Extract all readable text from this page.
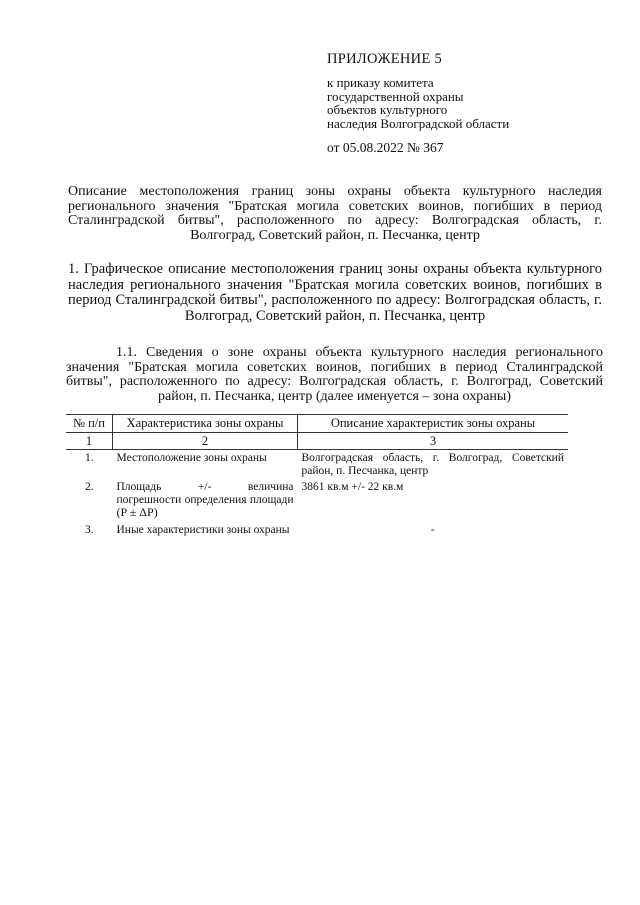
ПРИЛОЖЕНИЕ 5
к приказу комитета
государственной охраны
объектов культурного
наследия Волгоградской области
от 05.08.2022 № 367
Описание местоположения границ зоны охраны объекта культурного наследия регионального значения "Братская могила советских воинов, погибших в период Сталинградской битвы", расположенного по адресу: Волгоградская область, г. Волгоград, Советский район, п. Песчанка, центр
1. Графическое описание местоположения границ зоны охраны объекта культурного наследия регионального значения "Братская могила советских воинов, погибших в период Сталинградской битвы", расположенного по адресу: Волгоградская область, г. Волгоград, Советский район, п. Песчанка, центр
1.1. Сведения о зоне охраны объекта культурного наследия регионального значения "Братская могила советских воинов, погибших в период Сталинградской битвы", расположенного по адресу: Волгоградская область, г. Волгоград, Советский район, п. Песчанка, центр (далее именуется – зона охраны)
№ п/п	Характеристика зоны охраны	Описание характеристик зоны охраны
1	2	3
1.	Местоположение зоны охраны	Волгоградская область, г. Волгоград, Советский район, п. Песчанка, центр
2.	Площадь +/- величина погрешности определения площади (P ± ΔP)	3861 кв.м +/- 22 кв.м
3.	Иные характеристики зоны охраны	-
